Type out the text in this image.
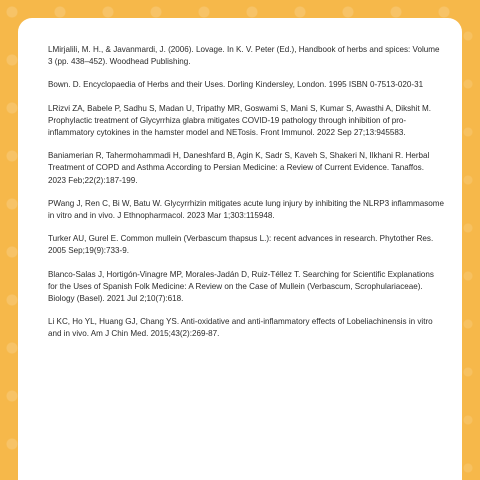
LMirjalili, M. H., & Javanmardi, J. (2006). Lovage. In K. V. Peter (Ed.), Handbook of herbs and spices: Volume 3 (pp. 438–452). Woodhead Publishing.

Bown. D. Encyclopaedia of Herbs and their Uses. Dorling Kindersley, London. 1995 ISBN 0-7513-020-31

LRizvi ZA, Babele P, Sadhu S, Madan U, Tripathy MR, Goswami S, Mani S, Kumar S, Awasthi A, Dikshit M. Prophylactic treatment of Glycyrrhiza glabra mitigates COVID-19 pathology through inhibition of pro-inflammatory cytokines in the hamster model and NETosis. Front Immunol. 2022 Sep 27;13:945583.

Baniamerian R, Tahermohammadi H, Daneshfard B, Agin K, Sadr S, Kaveh S, Shakeri N, Ilkhani R. Herbal Treatment of COPD and Asthma According to Persian Medicine: a Review of Current Evidence. Tanaffos. 2023 Feb;22(2):187-199.

PWang J, Ren C, Bi W, Batu W. Glycyrrhizin mitigates acute lung injury by inhibiting the NLRP3 inflammasome in vitro and in vivo. J Ethnopharmacol. 2023 Mar 1;303:115948.

Turker AU, Gurel E. Common mullein (Verbascum thapsus L.): recent advances in research. Phytother Res. 2005 Sep;19(9):733-9.

Blanco-Salas J, Hortigón-Vinagre MP, Morales-Jadán D, Ruiz-Téllez T. Searching for Scientific Explanations for the Uses of Spanish Folk Medicine: A Review on the Case of Mullein (Verbascum, Scrophulariaceae). Biology (Basel). 2021 Jul 2;10(7):618.

Li KC, Ho YL, Huang GJ, Chang YS. Anti-oxidative and anti-inflammatory effects of Lobeliachinensis in vitro and in vivo. Am J Chin Med. 2015;43(2):269-87.
